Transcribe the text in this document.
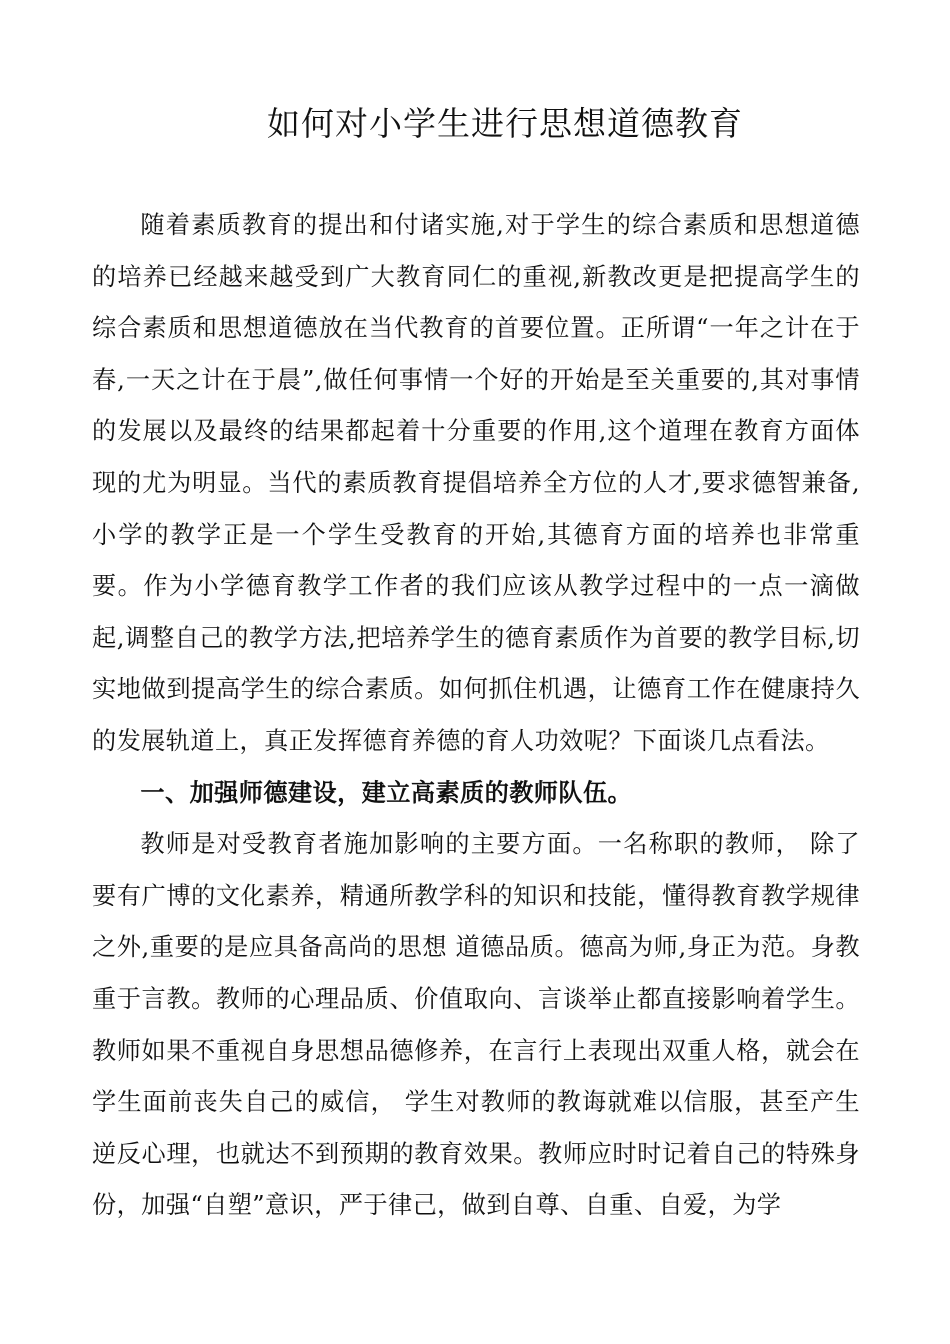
如何对小学生进行思想道德教育

随着素质教育的提出和付诸实施,对于学生的综合素质和思想道德的培养已经越来越受到广大教育同仁的重视,新教改更是把提高学生的综合素质和思想道德放在当代教育的首要位置。正所谓“一年之计在于春,一天之计在于晨”,做任何事情一个好的开始是至关重要的,其对事情的发展以及最终的结果都起着十分重要的作用,这个道理在教育方面体现的尤为明显。当代的素质教育提倡培养全方位的人才,要求德智兼备,小学的教学正是一个学生受教育的开始,其德育方面的培养也非常重要。作为小学德育教学工作者的我们应该从教学过程中的一点一滴做起,调整自己的教学方法,把培养学生的德育素质作为首要的教学目标,切实地做到提高学生的综合素质。如何抓住机遇，让德育工作在健康持久的发展轨道上，真正发挥德育养德的育人功效呢？下面谈几点看法。

一、加强师德建设，建立高素质的教师队伍。

教师是对受教育者施加影响的主要方面。一名称职的教师， 除了要有广博的文化素养，精通所教学科的知识和技能，懂得教育教学规律之外,重要的是应具备高尚的思想 道德品质。德高为师,身正为范。身教重于言教。教师的心理品质、价值取向、言谈举止都直接影响着学生。教师如果不重视自身思想品德修养，在言行上表现出双重人格，就会在学生面前丧失自己的威信， 学生对教师的教诲就难以信服，甚至产生逆反心理，也就达不到预期的教育效果。教师应时时记着自己的特殊身份，加强“自塑”意识，严于律己，做到自尊、自重、自爱，为学
